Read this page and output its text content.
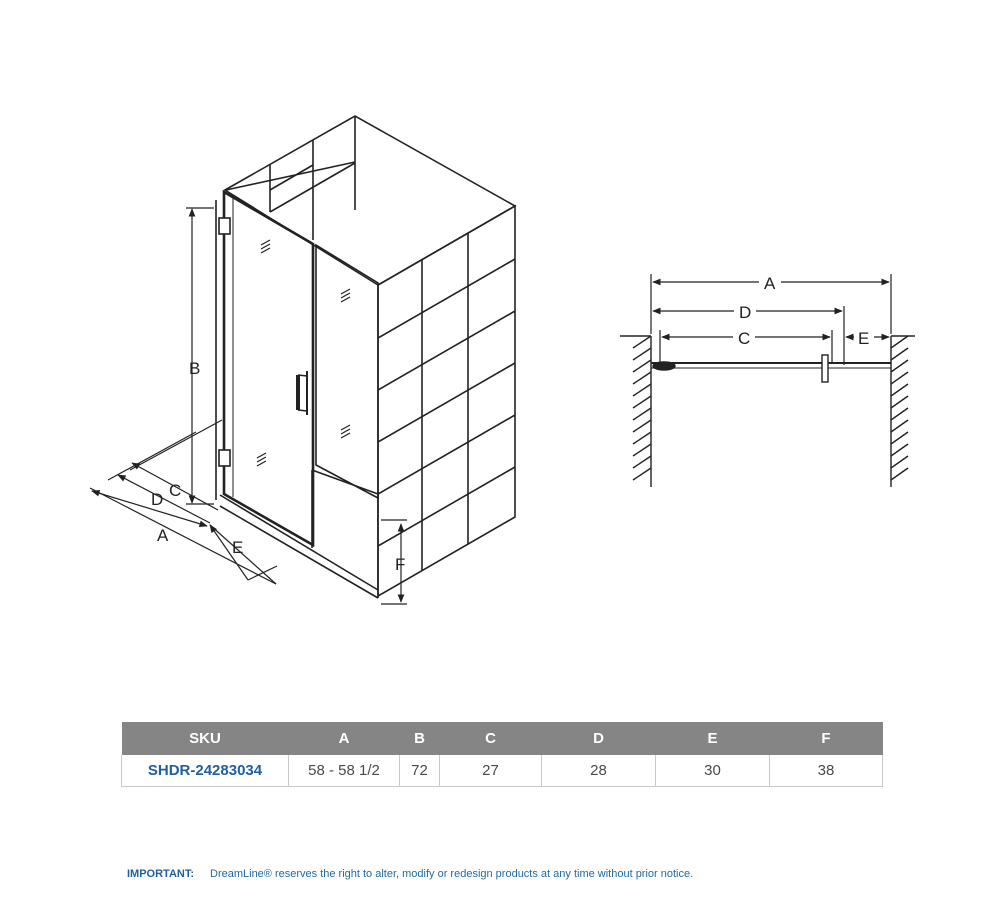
B
C
D
A
E
F
A
D
C	E
SKU	A	B	C	D	E	F
SHDR-24283034	58 - 58 1/2	72	27	28	30	38
IMPORTANT: DreamLine® reserves the right to alter, modify or redesign products at any time without prior notice.
